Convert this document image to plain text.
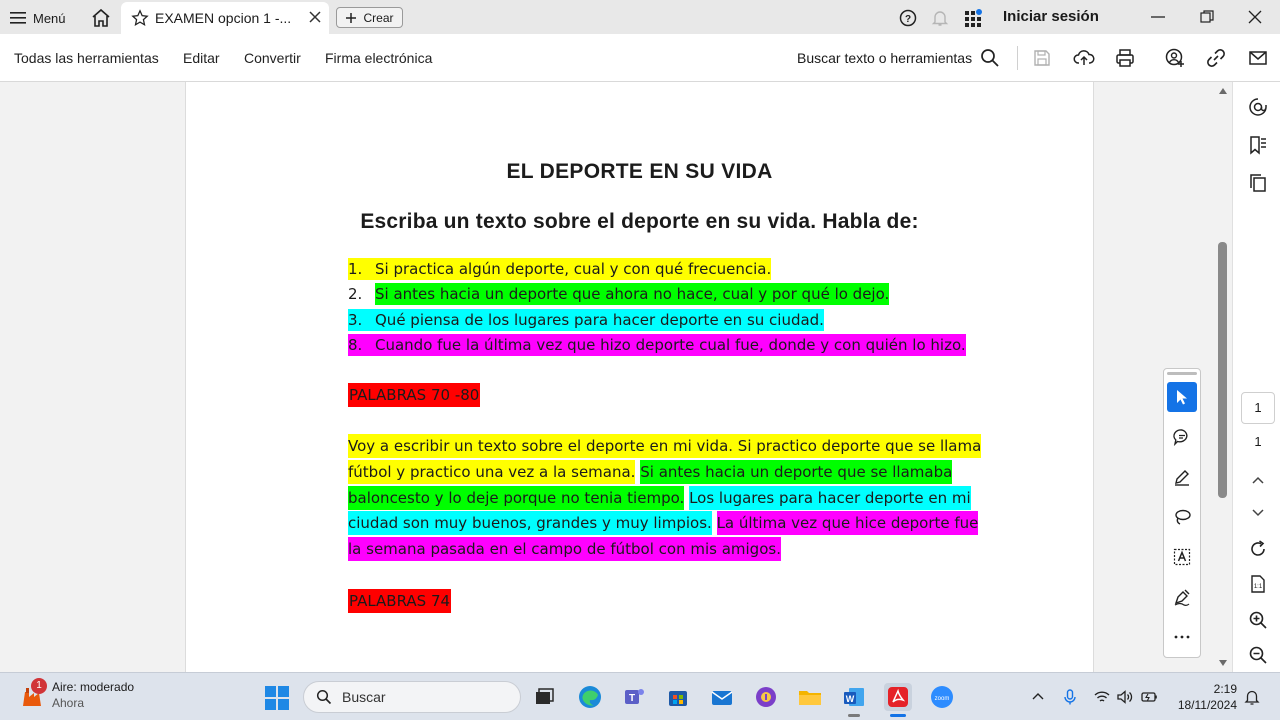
Menú	EXAMEN opcion 1 -...	Crear	?	Iniciar sesión
Todas las herramientas Editar Convertir Firma electrónica	Buscar texto o herramientas
EL DEPORTE EN SU VIDA
Escriba un texto sobre el deporte en su vida. Habla de:
1. Si practica algún deporte, cual y con qué frecuencia.
2. Si antes hacia un deporte que ahora no hace, cual y por qué lo dejo.
3. Qué piensa de los lugares para hacer deporte en su ciudad.
8. Cuando fue la última vez que hizo deporte cual fue, donde y con quién lo hizo.
PALABRAS 70 -80
Voy a escribir un texto sobre el deporte en mi vida. Si practico deporte que se llama fútbol y practico una vez a la semana. Si antes hacia un deporte que se llamaba baloncesto y lo deje porque no tenia tiempo. Los lugares para hacer deporte en mi ciudad son muy buenos, grandes y muy limpios. La última vez que hice deporte fue la semana pasada en el campo de fútbol con mis amigos.
PALABRAS 74
1
1
1:1
1 Aire: moderado
Ahora	Buscar	T	W	zoom
2:19
18/11/2024
